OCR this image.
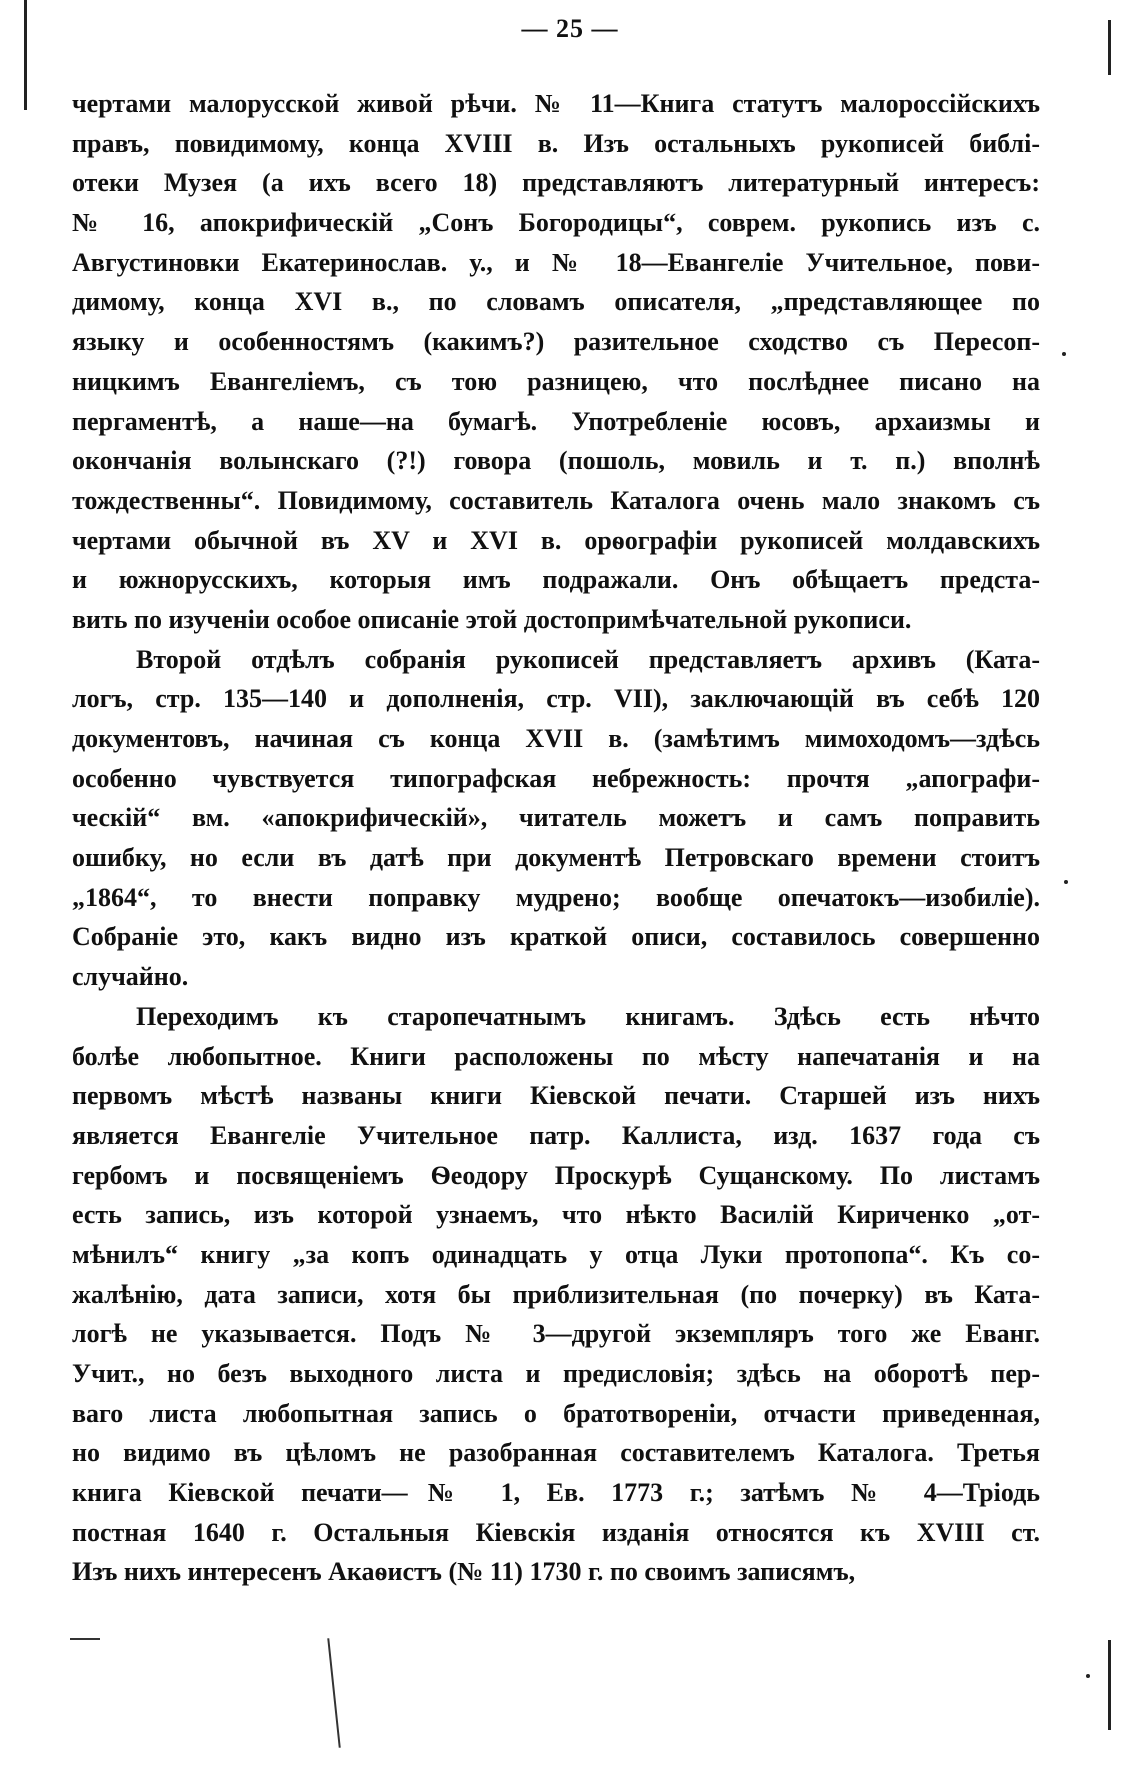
— 25 —
чертами малорусской живой рѣчи. № 11—Книга статутъ малороссійскихъ
правъ, повидимому, конца XVIII в. Изъ остальныхъ рукописей библі-
отеки Музея (а ихъ всего 18) представляютъ литературный интересъ:
№ 16, апокрифическій „Сонъ Богородицы“, соврем. рукопись изъ с.
Августиновки Екатеринослав. у., и № 18—Евангеліе Учительное, пови-
димому, конца XVI в., по словамъ описателя, „представляющее по
языку и особенностямъ (какимъ?) разительное сходство съ Пересоп-
ницкимъ Евангеліемъ, съ тою разницею, что послѣднее писано на
пергаментѣ, а наше—на бумагѣ. Употребленіе юсовъ, архаизмы и
окончанія волынскаго (?!) говора (пошоль, мовиль и т. п.) вполнѣ
тождественны“. Повидимому, составитель Каталога очень мало знакомъ съ
чертами обычной въ XV и XVI в. орѳографіи рукописей молдавскихъ
и южнорусскихъ, которыя имъ подражали. Онъ обѣщаетъ предста-
вить по изученіи особое описаніе этой достопримѣчательной рукописи.
Второй отдѣлъ собранія рукописей представляетъ архивъ (Ката-
логъ, стр. 135—140 и дополненія, стр. VII), заключающій въ себѣ 120
документовъ, начиная съ конца XVII в. (замѣтимъ мимоходомъ—здѣсь
особенно чувствуется типографская небрежность: прочтя „апографи-
ческій“ вм. «апокрифическій», читатель можетъ и самъ поправить
ошибку, но если въ датѣ при документѣ Петровскаго времени стоитъ
„1864“, то внести поправку мудрено; вообще опечатокъ—изобиліе).
Собраніе это, какъ видно изъ краткой описи, составилось совершенно
случайно.
Переходимъ къ старопечатнымъ книгамъ. Здѣсь есть нѣчто
болѣе любопытное. Книги расположены по мѣсту напечатанія и на
первомъ мѣстѣ названы книги Кіевской печати. Старшей изъ нихъ
является Евангеліе Учительное патр. Каллиста, изд. 1637 года съ
гербомъ и посвященіемъ Ѳеодору Проскурѣ Сущанскому. По листамъ
есть запись, изъ которой узнаемъ, что нѣкто Василій Кириченко „от-
мѣнилъ“ книгу „за копъ одинадцать у отца Луки протопопа“. Къ со-
жалѣнію, дата записи, хотя бы приблизительная (по почерку) въ Ката-
логѣ не указывается. Подъ № 3—другой экземпляръ того же Еванг.
Учит., но безъ выходного листа и предисловія; здѣсь на оборотѣ пер-
ваго листа любопытная запись о братотвореніи, отчасти приведенная,
но видимо въ цѣломъ не разобранная составителемъ Каталога. Третья
книга Кіевской печати—№ 1, Ев. 1773 г.; затѣмъ № 4—Тріодь
постная 1640 г. Остальныя Кіевскія изданія относятся къ XVIII ст.
Изъ нихъ интересенъ Акаѳистъ (№ 11) 1730 г. по своимъ записямъ,
